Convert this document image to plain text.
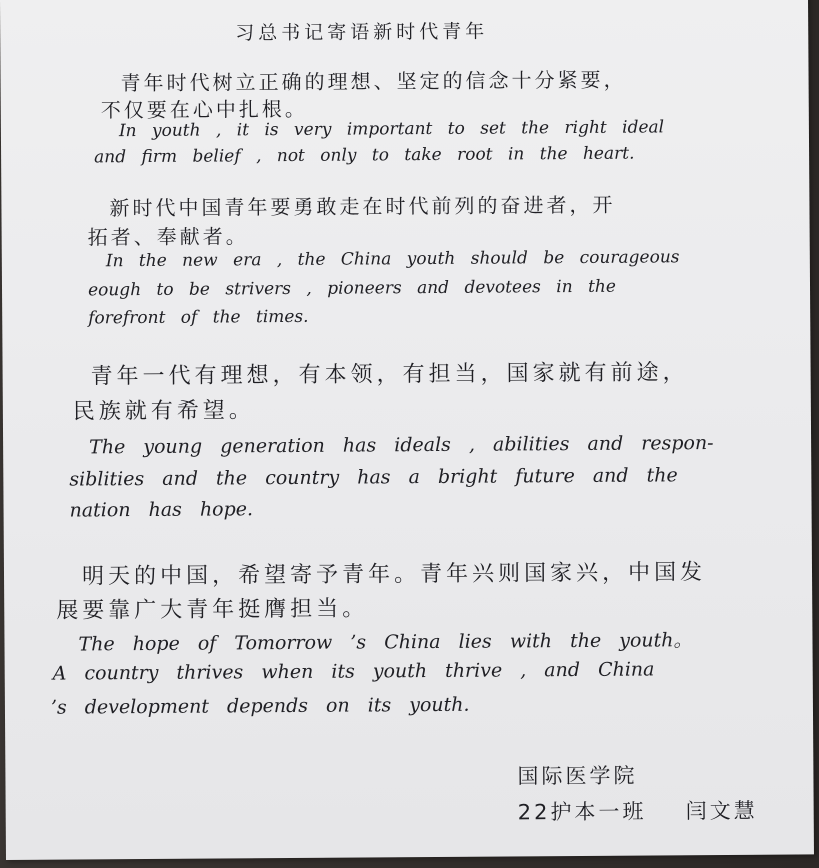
习总书记寄语新时代青年
青年时代树立正确的理想、坚定的信念十分紧要，
不仅要在心中扎根。
In youth , it is very important to set the right ideal
and firm belief , not only to take root in the heart.
新时代中国青年要勇敢走在时代前列的奋进者，开
拓者、奉献者。
In the new era , the China youth should be courageous
eough to be strivers , pioneers and devotees in the
forefront of the times.
青年一代有理想，有本领，有担当，国家就有前途，
民族就有希望。
The young generation has ideals , abilities and respon-
siblities and the country has a bright future and the
nation has hope.
明天的中国，希望寄予青年。青年兴则国家兴，中国发
展要靠广大青年挺膺担当。
The hope of Tomorrow ’s China lies with the youth。
A country thrives when its youth thrive , and China
’s development depends on its youth.
国际医学院
22护本一班 闫文慧
